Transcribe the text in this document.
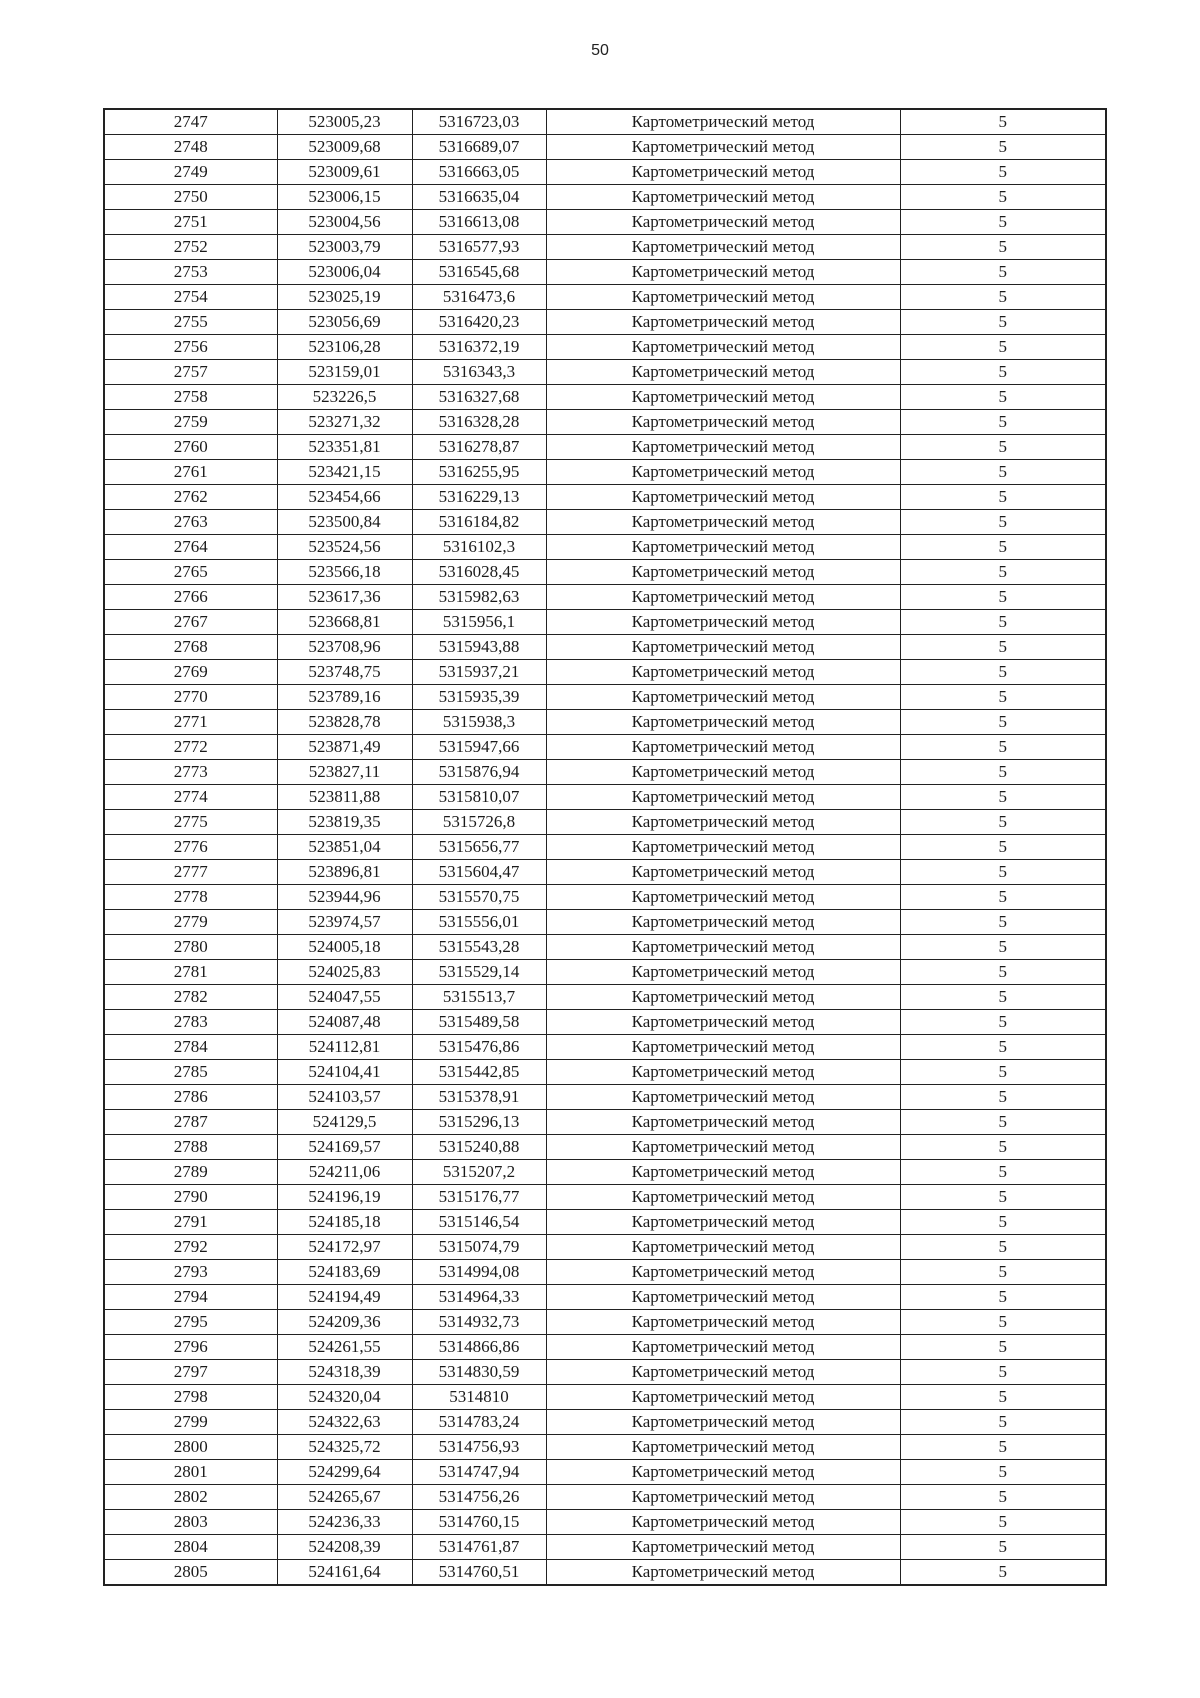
50
2747	523005,23	5316723,03	Картометрический метод	5
2748	523009,68	5316689,07	Картометрический метод	5
2749	523009,61	5316663,05	Картометрический метод	5
2750	523006,15	5316635,04	Картометрический метод	5
2751	523004,56	5316613,08	Картометрический метод	5
2752	523003,79	5316577,93	Картометрический метод	5
2753	523006,04	5316545,68	Картометрический метод	5
2754	523025,19	5316473,6	Картометрический метод	5
2755	523056,69	5316420,23	Картометрический метод	5
2756	523106,28	5316372,19	Картометрический метод	5
2757	523159,01	5316343,3	Картометрический метод	5
2758	523226,5	5316327,68	Картометрический метод	5
2759	523271,32	5316328,28	Картометрический метод	5
2760	523351,81	5316278,87	Картометрический метод	5
2761	523421,15	5316255,95	Картометрический метод	5
2762	523454,66	5316229,13	Картометрический метод	5
2763	523500,84	5316184,82	Картометрический метод	5
2764	523524,56	5316102,3	Картометрический метод	5
2765	523566,18	5316028,45	Картометрический метод	5
2766	523617,36	5315982,63	Картометрический метод	5
2767	523668,81	5315956,1	Картометрический метод	5
2768	523708,96	5315943,88	Картометрический метод	5
2769	523748,75	5315937,21	Картометрический метод	5
2770	523789,16	5315935,39	Картометрический метод	5
2771	523828,78	5315938,3	Картометрический метод	5
2772	523871,49	5315947,66	Картометрический метод	5
2773	523827,11	5315876,94	Картометрический метод	5
2774	523811,88	5315810,07	Картометрический метод	5
2775	523819,35	5315726,8	Картометрический метод	5
2776	523851,04	5315656,77	Картометрический метод	5
2777	523896,81	5315604,47	Картометрический метод	5
2778	523944,96	5315570,75	Картометрический метод	5
2779	523974,57	5315556,01	Картометрический метод	5
2780	524005,18	5315543,28	Картометрический метод	5
2781	524025,83	5315529,14	Картометрический метод	5
2782	524047,55	5315513,7	Картометрический метод	5
2783	524087,48	5315489,58	Картометрический метод	5
2784	524112,81	5315476,86	Картометрический метод	5
2785	524104,41	5315442,85	Картометрический метод	5
2786	524103,57	5315378,91	Картометрический метод	5
2787	524129,5	5315296,13	Картометрический метод	5
2788	524169,57	5315240,88	Картометрический метод	5
2789	524211,06	5315207,2	Картометрический метод	5
2790	524196,19	5315176,77	Картометрический метод	5
2791	524185,18	5315146,54	Картометрический метод	5
2792	524172,97	5315074,79	Картометрический метод	5
2793	524183,69	5314994,08	Картометрический метод	5
2794	524194,49	5314964,33	Картометрический метод	5
2795	524209,36	5314932,73	Картометрический метод	5
2796	524261,55	5314866,86	Картометрический метод	5
2797	524318,39	5314830,59	Картометрический метод	5
2798	524320,04	5314810	Картометрический метод	5
2799	524322,63	5314783,24	Картометрический метод	5
2800	524325,72	5314756,93	Картометрический метод	5
2801	524299,64	5314747,94	Картометрический метод	5
2802	524265,67	5314756,26	Картометрический метод	5
2803	524236,33	5314760,15	Картометрический метод	5
2804	524208,39	5314761,87	Картометрический метод	5
2805	524161,64	5314760,51	Картометрический метод	5
